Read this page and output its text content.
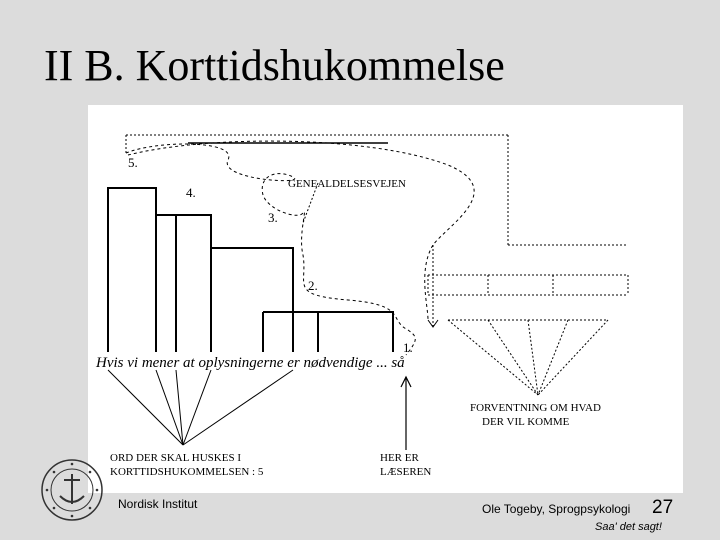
II B. Korttidshukommelse
5.
4.
3.
2.
1.
GENEALDELSESVEJEN
Hvis vi mener at oplysningerne er nødvendige ... så
ORD DER SKAL HUSKES I
KORTTIDSHUKOMMELSEN : 5
HER ER
LÆSEREN
FORVENTNING OM HVAD
DER VIL KOMME
Nordisk Institut	Ole Togeby, Sprogpsykologi 27
Saa' det sagt!
